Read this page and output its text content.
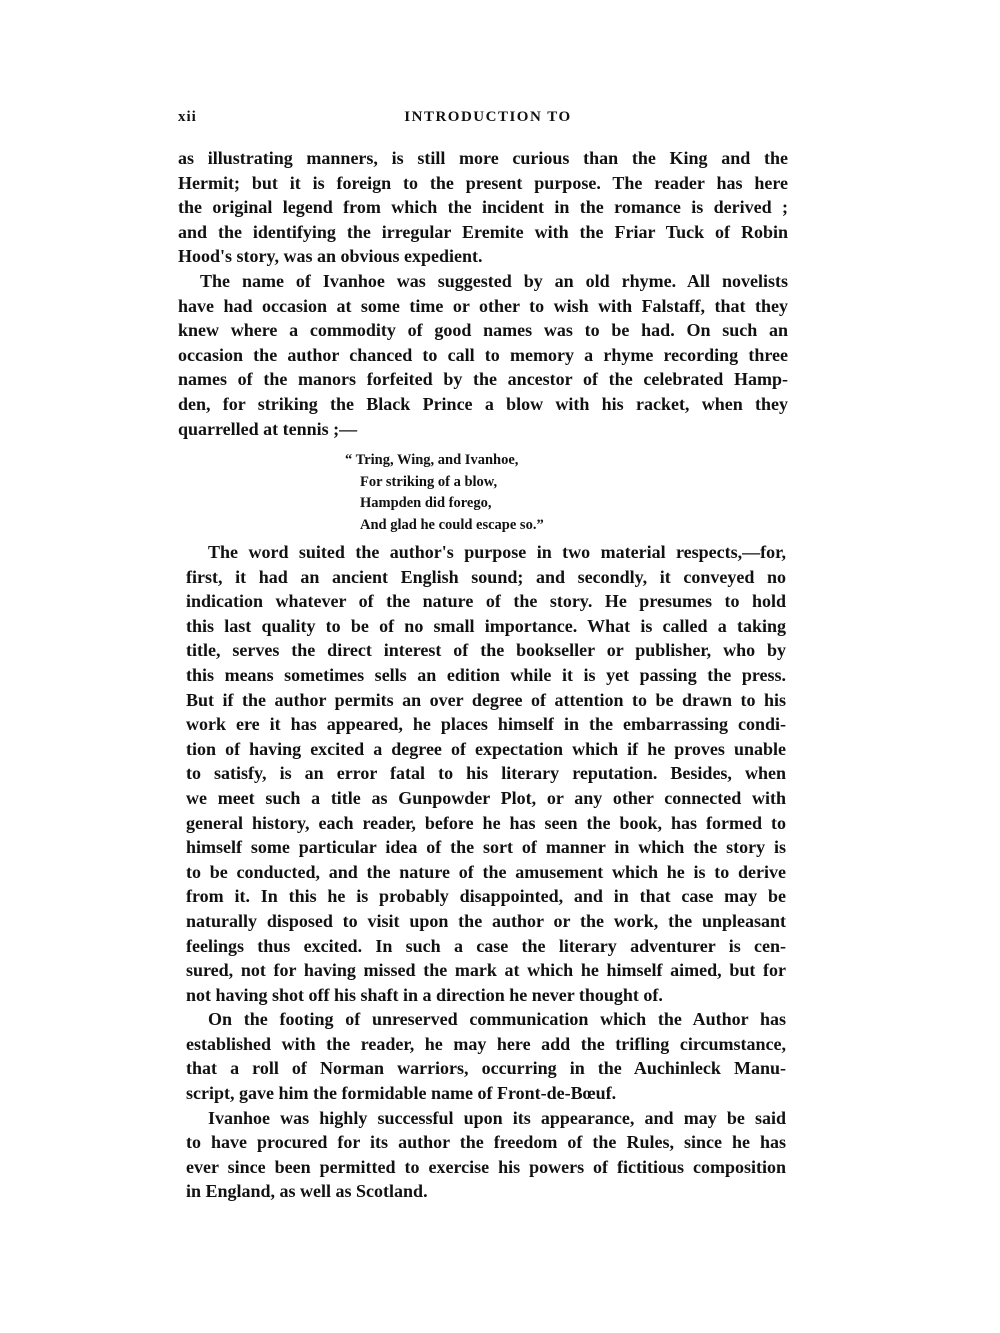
xii	INTRODUCTION TO
as illustrating manners, is still more curious than the King and the
Hermit; but it is foreign to the present purpose. The reader has here
the original legend from which the incident in the romance is derived ;
and the identifying the irregular Eremite with the Friar Tuck of Robin
Hood's story, was an obvious expedient.
The name of Ivanhoe was suggested by an old rhyme. All novelists
have had occasion at some time or other to wish with Falstaff, that they
knew where a commodity of good names was to be had. On such an
occasion the author chanced to call to memory a rhyme recording three
names of the manors forfeited by the ancestor of the celebrated Hamp-
den, for striking the Black Prince a blow with his racket, when they
quarrelled at tennis ;—
“ Tring, Wing, and Ivanhoe,
For striking of a blow,
Hampden did forego,
And glad he could escape so.”
The word suited the author's purpose in two material respects,—for,
first, it had an ancient English sound; and secondly, it conveyed no
indication whatever of the nature of the story. He presumes to hold
this last quality to be of no small importance. What is called a taking
title, serves the direct interest of the bookseller or publisher, who by
this means sometimes sells an edition while it is yet passing the press.
But if the author permits an over degree of attention to be drawn to his
work ere it has appeared, he places himself in the embarrassing condi-
tion of having excited a degree of expectation which if he proves unable
to satisfy, is an error fatal to his literary reputation. Besides, when
we meet such a title as Gunpowder Plot, or any other connected with
general history, each reader, before he has seen the book, has formed to
himself some particular idea of the sort of manner in which the story is
to be conducted, and the nature of the amusement which he is to derive
from it. In this he is probably disappointed, and in that case may be
naturally disposed to visit upon the author or the work, the unpleasant
feelings thus excited. In such a case the literary adventurer is cen-
sured, not for having missed the mark at which he himself aimed, but for
not having shot off his shaft in a direction he never thought of.
On the footing of unreserved communication which the Author has
established with the reader, he may here add the trifling circumstance,
that a roll of Norman warriors, occurring in the Auchinleck Manu-
script, gave him the formidable name of Front-de-Bœuf.
Ivanhoe was highly successful upon its appearance, and may be said
to have procured for its author the freedom of the Rules, since he has
ever since been permitted to exercise his powers of fictitious composition
in England, as well as Scotland.
